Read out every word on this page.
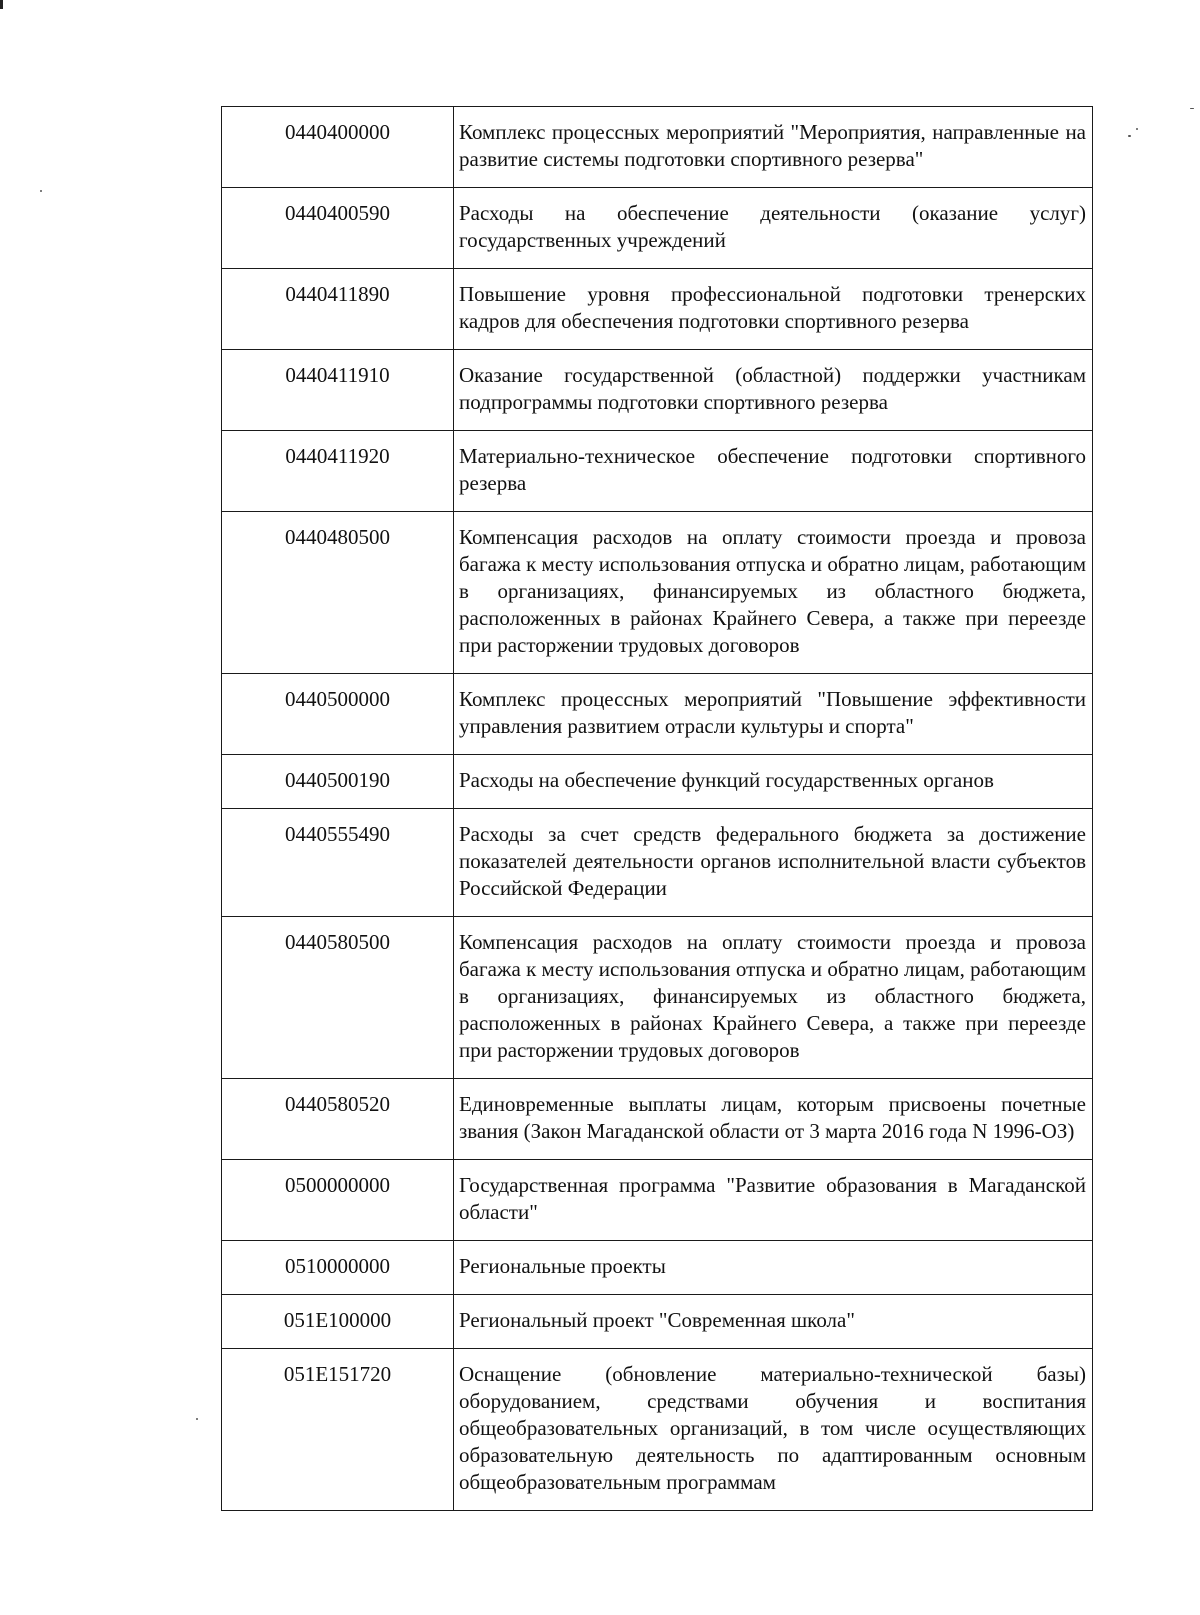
0440400000	Комплекс процессных мероприятий "Мероприятия, направленные на развитие системы подготовки спортивного резерва"
0440400590	Расходы на обеспечение деятельности (оказание услуг) государственных учреждений
0440411890	Повышение уровня профессиональной подготовки тренерских кадров для обеспечения подготовки спортивного резерва
0440411910	Оказание государственной (областной) поддержки участникам подпрограммы подготовки спортивного резерва
0440411920	Материально-техническое обеспечение подготовки спортивного резерва
0440480500	Компенсация расходов на оплату стоимости проезда и провоза багажа к месту использования отпуска и обратно лицам, работающим в организациях, финансируемых из областного бюджета, расположенных в районах Крайнего Севера, а также при переезде при расторжении трудовых договоров
0440500000	Комплекс процессных мероприятий "Повышение эффективности управления развитием отрасли культуры и спорта"
0440500190	Расходы на обеспечение функций государственных органов
0440555490	Расходы за счет средств федерального бюджета за достижение показателей деятельности органов исполнительной власти субъектов Российской Федерации
0440580500	Компенсация расходов на оплату стоимости проезда и провоза багажа к месту использования отпуска и обратно лицам, работающим в организациях, финансируемых из областного бюджета, расположенных в районах Крайнего Севера, а также при переезде при расторжении трудовых договоров
0440580520	Единовременные выплаты лицам, которым присвоены почетные звания (Закон Магаданской области от 3 марта 2016 года N 1996-ОЗ)
0500000000	Государственная программа "Развитие образования в Магаданской области"
0510000000	Региональные проекты
051E100000	Региональный проект "Современная школа"
051E151720	Оснащение (обновление материально-технической базы) оборудованием, средствами обучения и воспитания общеобразовательных организаций, в том числе осуществляющих образовательную деятельность по адаптированным основным общеобразовательным программам
